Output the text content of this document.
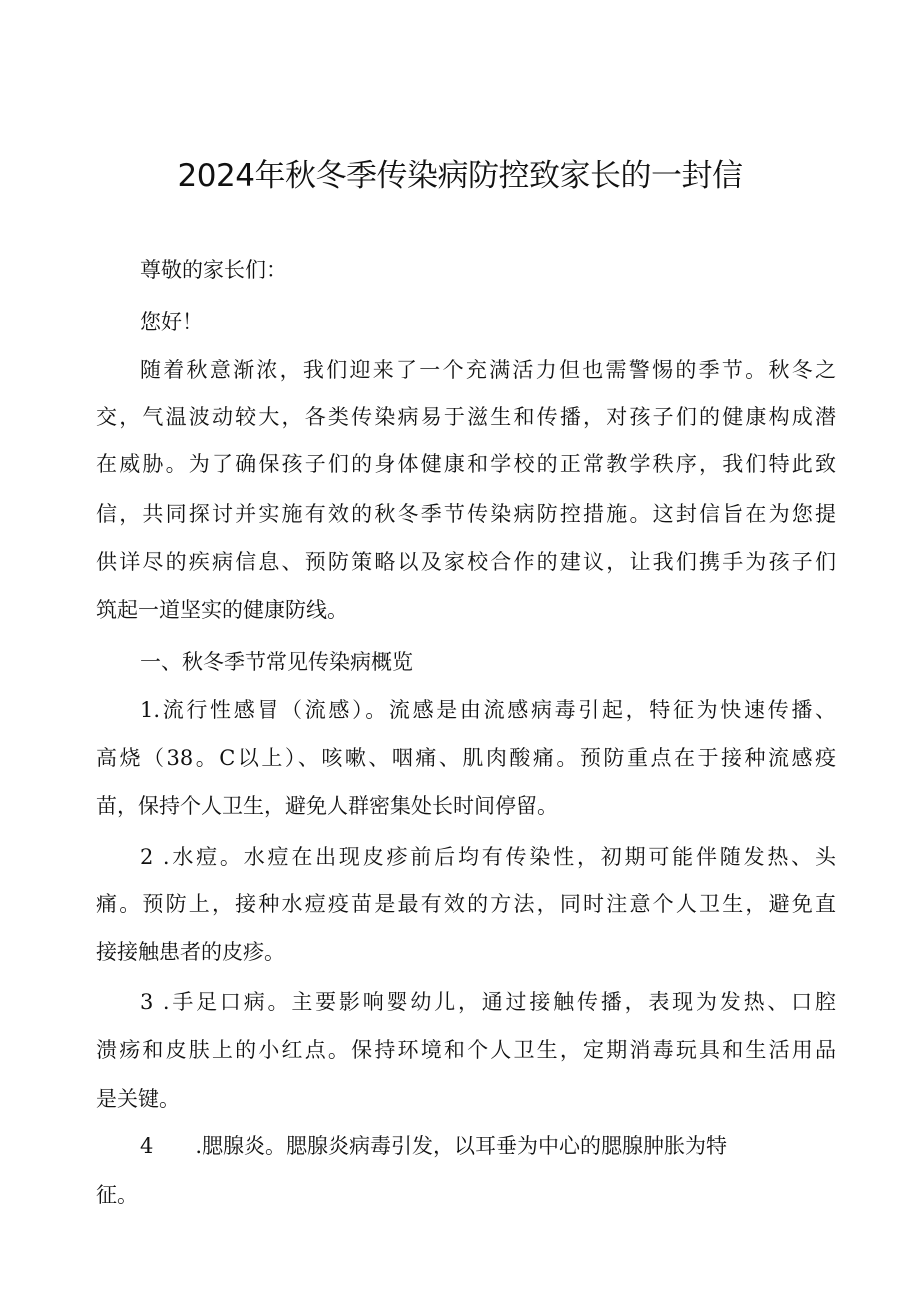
2024年秋冬季传染病防控致家长的一封信

尊敬的家长们：

您好！

随着秋意渐浓，我们迎来了一个充满活力但也需警惕的季节。秋冬之

交，气温波动较大，各类传染病易于滋生和传播，对孩子们的健康构成潜

在威胁。为了确保孩子们的身体健康和学校的正常教学秩序，我们特此致

信，共同探讨并实施有效的秋冬季节传染病防控措施。这封信旨在为您提

供详尽的疾病信息、预防策略以及家校合作的建议，让我们携手为孩子们

筑起一道坚实的健康防线。

一、秋冬季节常见传染病概览

1.流行性感冒（流感）。流感是由流感病毒引起，特征为快速传播、

高烧（38。C以上）、咳嗽、咽痛、肌肉酸痛。预防重点在于接种流感疫

苗，保持个人卫生，避免人群密集处长时间停留。

2 .水痘。水痘在出现皮疹前后均有传染性，初期可能伴随发热、头

痛。预防上，接种水痘疫苗是最有效的方法，同时注意个人卫生，避免直

接接触患者的皮疹。

3 .手足口病。主要影响婴幼儿，通过接触传播，表现为发热、口腔

溃疡和皮肤上的小红点。保持环境和个人卫生，定期消毒玩具和生活用品

是关键。

4　　.腮腺炎。腮腺炎病毒引发，以耳垂为中心的腮腺肿胀为特

征。
